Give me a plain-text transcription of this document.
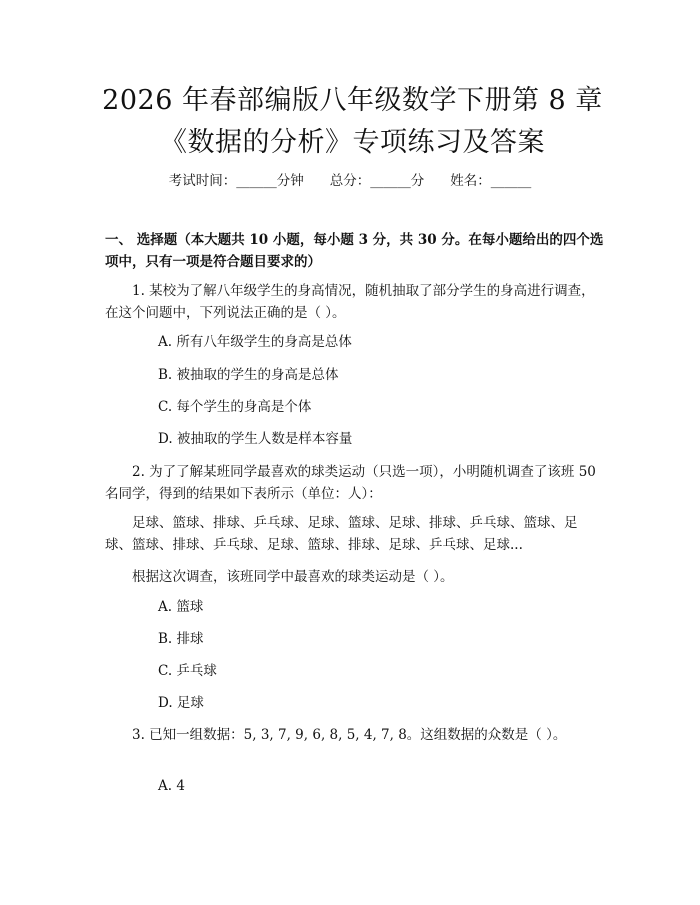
2026 年春部编版八年级数学下册第 8 章《数据的分析》专项练习及答案
考试时间：______分钟 总分：______分 姓名：______
一、 选择题（本大题共 10 小题，每小题 3 分，共 30 分。在每小题给出的四个选项中，只有一项是符合题目要求的）
1. 某校为了解八年级学生的身高情况，随机抽取了部分学生的身高进行调查，在这个问题中，下列说法正确的是（ ）。
A. 所有八年级学生的身高是总体
B. 被抽取的学生的身高是总体
C. 每个学生的身高是个体
D. 被抽取的学生人数是样本容量
2. 为了了解某班同学最喜欢的球类运动（只选一项），小明随机调查了该班 50 名同学，得到的结果如下表所示（单位：人）：
足球、篮球、排球、乒乓球、足球、篮球、足球、排球、乒乓球、篮球、足球、篮球、排球、乒乓球、足球、篮球、排球、足球、乒乓球、足球...
根据这次调查，该班同学中最喜欢的球类运动是（ ）。
A. 篮球
B. 排球
C. 乒乓球
D. 足球
3. 已知一组数据：5, 3, 7, 9, 6, 8, 5, 4, 7, 8。这组数据的众数是（ ）。
A. 4
